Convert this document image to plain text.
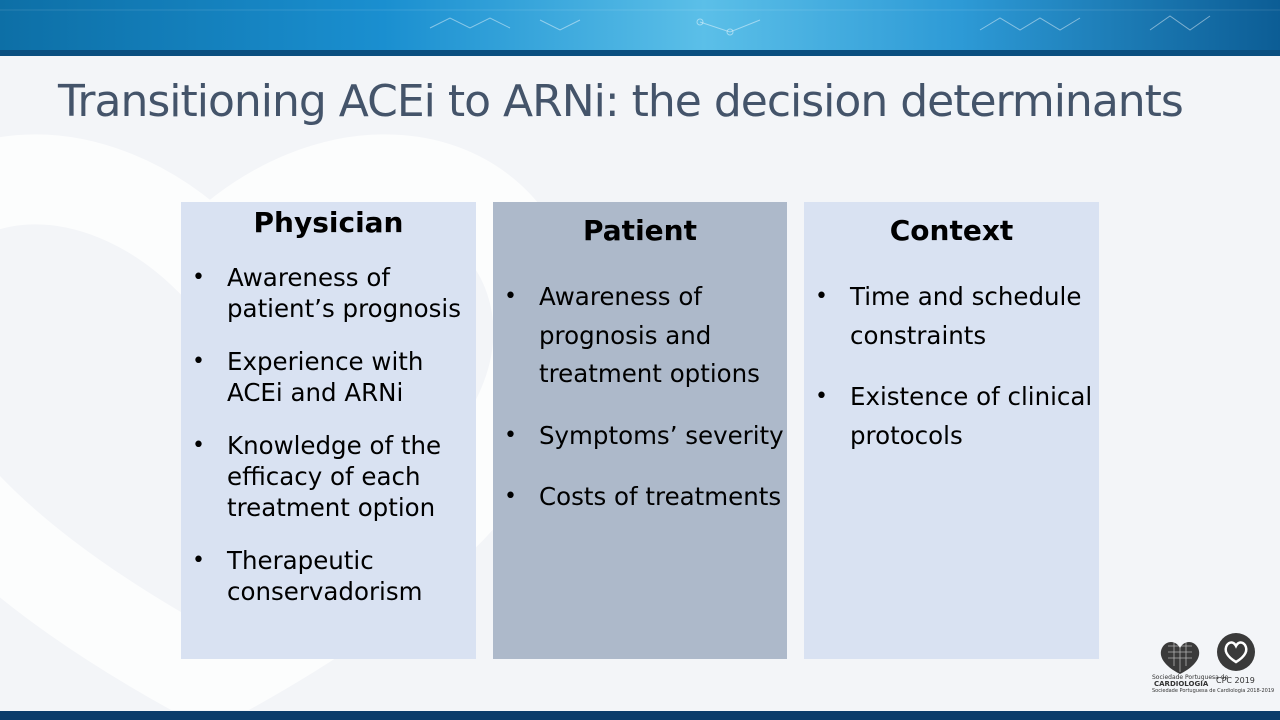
Transitioning ACEi to ARNi: the decision determinants
Physician
• Awareness of patient’s prognosis
• Experience with ACEi and ARNi
• Knowledge of the efficacy of each treatment option
• Therapeutic conservadorism
Patient
• Awareness of prognosis and treatment options
• Symptoms’ severity
• Costs of treatments
Context
• Time and schedule constraints
• Existence of clinical protocols
Sociedade Portuguesa de
CARDIOLOGIA
Sociedade Portuguesa de Cardiologia 2018-2019
CPC 2019
